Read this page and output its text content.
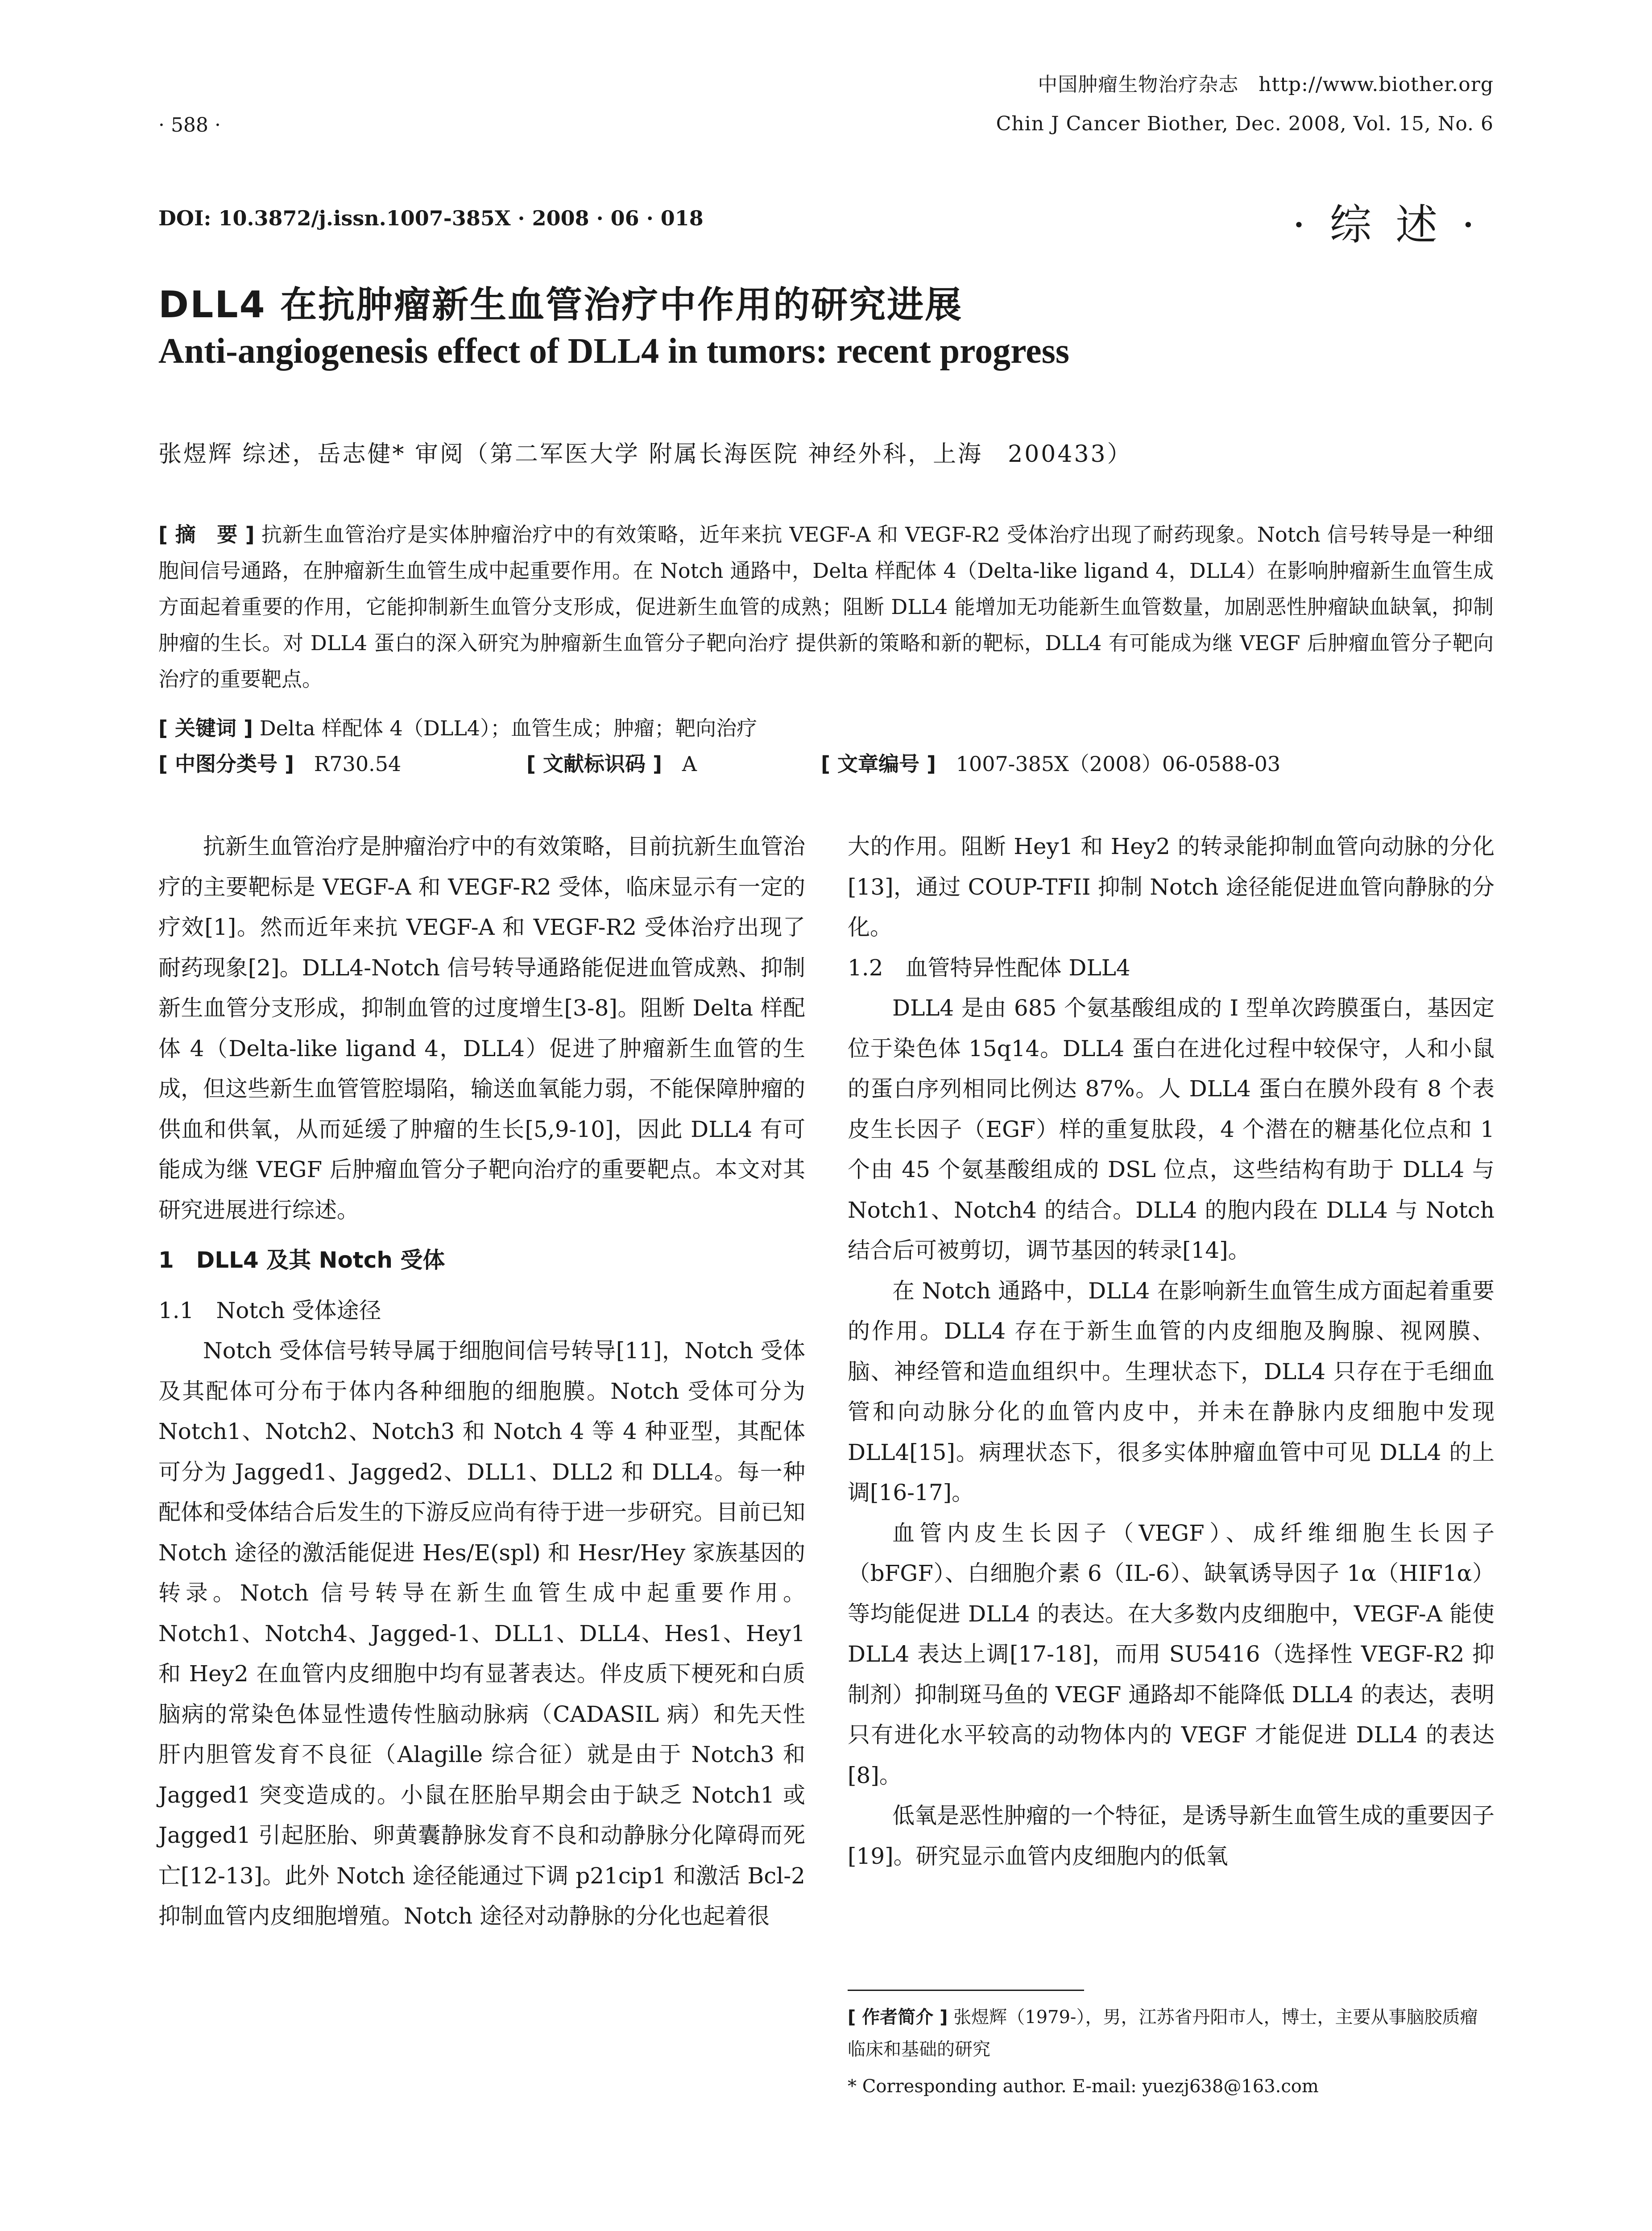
中国肿瘤生物治疗杂志　http://www.biother.org
Chin J Cancer Biother, Dec. 2008, Vol. 15, No. 6
· 588 ·
DOI: 10.3872/j.issn.1007-385X · 2008 · 06 · 018	· 综 述 ·
DLL4 在抗肿瘤新生血管治疗中作用的研究进展
Anti-angiogenesis effect of DLL4 in tumors: recent progress
张煜辉 综述，岳志健* 审阅（第二军医大学 附属长海医院 神经外科，上海　200433）
[ 摘　要 ] 抗新生血管治疗是实体肿瘤治疗中的有效策略，近年来抗 VEGF-A 和 VEGF-R2 受体治疗出现了耐药现象。Notch 信号转导是一种细胞间信号通路，在肿瘤新生血管生成中起重要作用。在 Notch 通路中，Delta 样配体 4（Delta-like ligand 4，DLL4）在影响肿瘤新生血管生成方面起着重要的作用，它能抑制新生血管分支形成，促进新生血管的成熟；阻断 DLL4 能增加无功能新生血管数量，加剧恶性肿瘤缺血缺氧，抑制肿瘤的生长。对 DLL4 蛋白的深入研究为肿瘤新生血管分子靶向治疗 提供新的策略和新的靶标，DLL4 有可能成为继 VEGF 后肿瘤血管分子靶向治疗的重要靶点。
[ 关键词 ] Delta 样配体 4（DLL4）；血管生成；肿瘤；靶向治疗
[ 中图分类号 ] R730.54	[ 文献标识码 ] A	[ 文章编号 ] 1007-385X（2008）06-0588-03

抗新生血管治疗是肿瘤治疗中的有效策略，目前抗新生血管治疗的主要靶标是 VEGF-A 和 VEGF-R2 受体，临床显示有一定的疗效[1]。然而近年来抗 VEGF-A 和 VEGF-R2 受体治疗出现了耐药现象[2]。DLL4-Notch 信号转导通路能促进血管成熟、抑制新生血管分支形成，抑制血管的过度增生[3-8]。阻断 Delta 样配体 4（Delta-like ligand 4，DLL4）促进了肿瘤新生血管的生成，但这些新生血管管腔塌陷，输送血氧能力弱，不能保障肿瘤的供血和供氧，从而延缓了肿瘤的生长[5,9-10]，因此 DLL4 有可能成为继 VEGF 后肿瘤血管分子靶向治疗的重要靶点。本文对其研究进展进行综述。

1　DLL4 及其 Notch 受体

1.1　Notch 受体途径

Notch 受体信号转导属于细胞间信号转导[11]，Notch 受体及其配体可分布于体内各种细胞的细胞膜。Notch 受体可分为 Notch1、Notch2、Notch3 和 Notch 4 等 4 种亚型，其配体可分为 Jagged1、Jagged2、DLL1、DLL2 和 DLL4。每一种配体和受体结合后发生的下游反应尚有待于进一步研究。目前已知 Notch 途径的激活能促进 Hes/E(spl) 和 Hesr/Hey 家族基因的转录。Notch 信号转导在新生血管生成中起重要作用。Notch1、Notch4、Jagged-1、DLL1、DLL4、Hes1、Hey1 和 Hey2 在血管内皮细胞中均有显著表达。伴皮质下梗死和白质脑病的常染色体显性遗传性脑动脉病（CADASIL 病）和先天性肝内胆管发育不良征（Alagille 综合征）就是由于 Notch3 和 Jagged1 突变造成的。小鼠在胚胎早期会由于缺乏 Notch1 或 Jagged1 引起胚胎、卵黄囊静脉发育不良和动静脉分化障碍而死亡[12-13]。此外 Notch 途径能通过下调 p21cip1 和激活 Bcl-2 抑制血管内皮细胞增殖。Notch 途径对动静脉的分化也起着很

大的作用。阻断 Hey1 和 Hey2 的转录能抑制血管向动脉的分化[13]，通过 COUP-TFII 抑制 Notch 途径能促进血管向静脉的分化。

1.2　血管特异性配体 DLL4

DLL4 是由 685 个氨基酸组成的 I 型单次跨膜蛋白，基因定位于染色体 15q14。DLL4 蛋白在进化过程中较保守，人和小鼠的蛋白序列相同比例达 87%。人 DLL4 蛋白在膜外段有 8 个表皮生长因子（EGF）样的重复肽段，4 个潜在的糖基化位点和 1 个由 45 个氨基酸组成的 DSL 位点，这些结构有助于 DLL4 与 Notch1、Notch4 的结合。DLL4 的胞内段在 DLL4 与 Notch 结合后可被剪切，调节基因的转录[14]。

在 Notch 通路中，DLL4 在影响新生血管生成方面起着重要的作用。DLL4 存在于新生血管的内皮细胞及胸腺、视网膜、脑、神经管和造血组织中。生理状态下，DLL4 只存在于毛细血管和向动脉分化的血管内皮中，并未在静脉内皮细胞中发现 DLL4[15]。病理状态下，很多实体肿瘤血管中可见 DLL4 的上调[16-17]。

血管内皮生长因子（VEGF）、成纤维细胞生长因子（bFGF）、白细胞介素 6（IL-6）、缺氧诱导因子 1α（HIF1α）等均能促进 DLL4 的表达。在大多数内皮细胞中，VEGF-A 能使 DLL4 表达上调[17-18]，而用 SU5416（选择性 VEGF-R2 抑制剂）抑制斑马鱼的 VEGF 通路却不能降低 DLL4 的表达，表明只有进化水平较高的动物体内的 VEGF 才能促进 DLL4 的表达[8]。

低氧是恶性肿瘤的一个特征，是诱导新生血管生成的重要因子[19]。研究显示血管内皮细胞内的低氧

[ 作者简介 ] 张煜辉（1979-），男，江苏省丹阳市人，博士，主要从事脑胶质瘤临床和基础的研究
* Corresponding author. E-mail: yuezj638@163.com
